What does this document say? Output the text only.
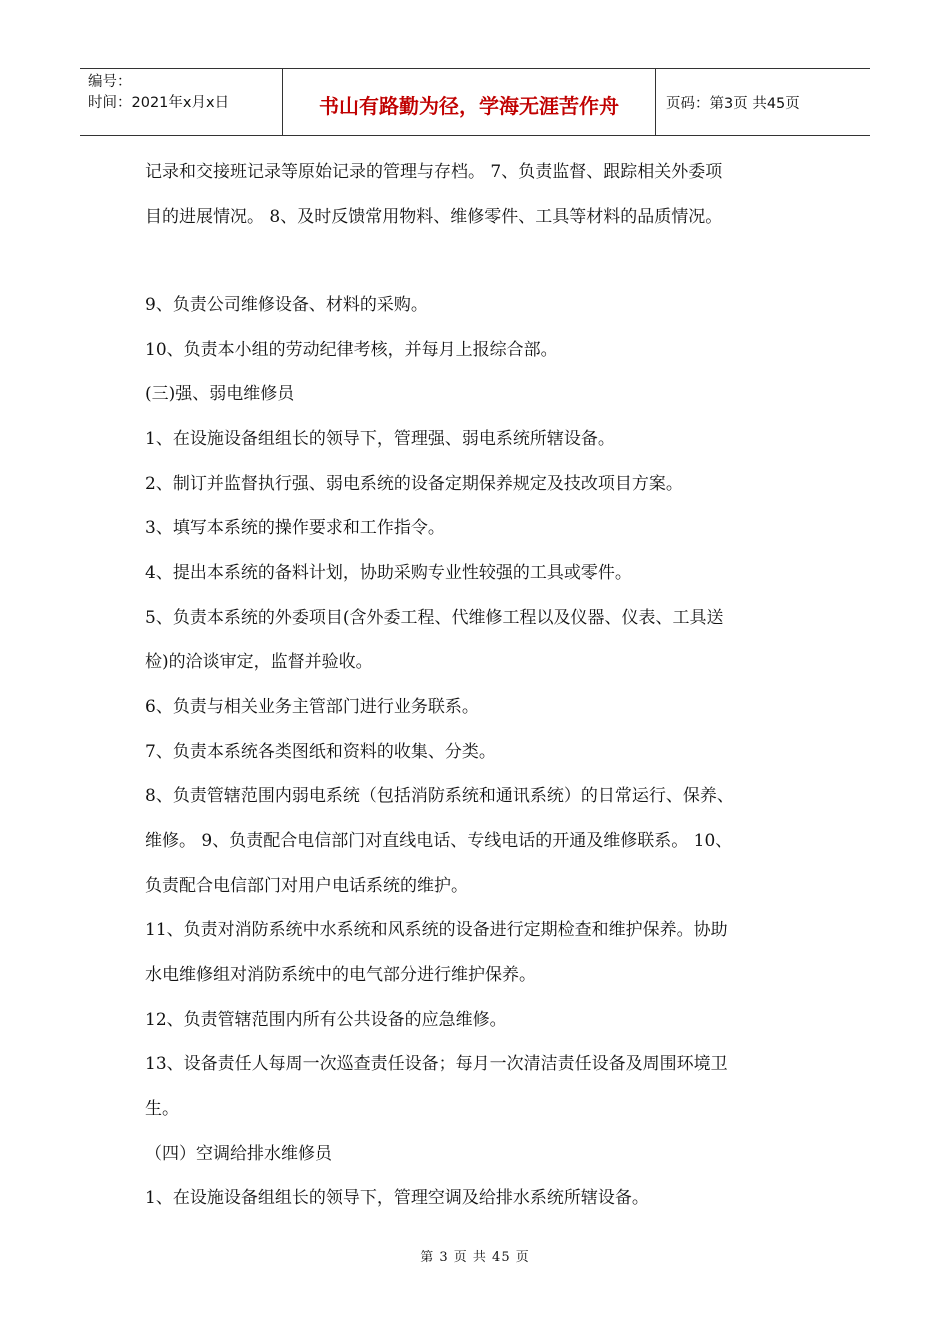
编号：
时间：2021年x月x日	书山有路勤为径，学海无涯苦作舟	页码：第3页 共45页
记录和交接班记录等原始记录的管理与存档。 7、负责监督、跟踪相关外委项
目的进展情况。 8、及时反馈常用物料、维修零件、工具等材料的品质情况。
9、负责公司维修设备、材料的采购。
10、负责本小组的劳动纪律考核，并每月上报综合部。
(三)强、弱电维修员
1、在设施设备组组长的领导下，管理强、弱电系统所辖设备。
2、制订并监督执行强、弱电系统的设备定期保养规定及技改项目方案。
3、填写本系统的操作要求和工作指令。
4、提出本系统的备料计划，协助采购专业性较强的工具或零件。
5、负责本系统的外委项目(含外委工程、代维修工程以及仪器、仪表、工具送
检)的洽谈审定，监督并验收。
6、负责与相关业务主管部门进行业务联系。
7、负责本系统各类图纸和资料的收集、分类。
8、负责管辖范围内弱电系统（包括消防系统和通讯系统）的日常运行、保养、
维修。 9、负责配合电信部门对直线电话、专线电话的开通及维修联系。 10、
负责配合电信部门对用户电话系统的维护。
11、负责对消防系统中水系统和风系统的设备进行定期检查和维护保养。协助
水电维修组对消防系统中的电气部分进行维护保养。
12、负责管辖范围内所有公共设备的应急维修。
13、设备责任人每周一次巡查责任设备；每月一次清洁责任设备及周围环境卫
生。
（四）空调给排水维修员
1、在设施设备组组长的领导下，管理空调及给排水系统所辖设备。
第 3 页 共 45 页
